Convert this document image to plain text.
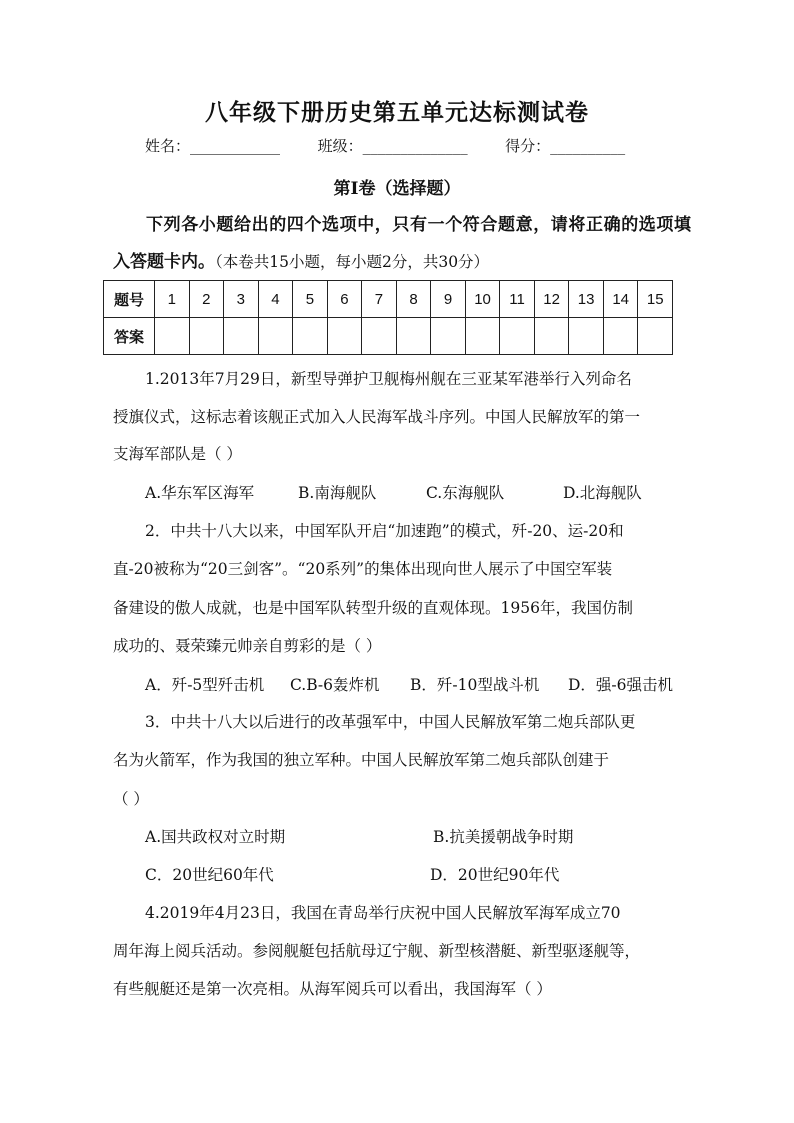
八年级下册历史第五单元达标测试卷
姓名：____________	班级：______________	得分：__________
第Ⅰ卷（选择题）
下列各小题给出的四个选项中，只有一个符合题意，请将正确的选项填
入答题卡内。（本卷共15小题，每小题2分，共30分）
题号	1	2	3	4	5	6	7	8	9	10	11	12	13	14	15
答案															
1.2013年7月29日，新型导弹护卫舰梅州舰在三亚某军港举行入列命名
授旗仪式，这标志着该舰正式加入人民海军战斗序列。中国人民解放军的第一
支海军部队是（ ）
A.华东军区海军	B.南海舰队	C.东海舰队	D.北海舰队
2．中共十八大以来，中国军队开启“加速跑”的模式，歼-20、运-20和
直-20被称为“20三剑客”。“20系列”的集体出现向世人展示了中国空军装
备建设的傲人成就，也是中国军队转型升级的直观体现。1956年，我国仿制
成功的、聂荣臻元帅亲自剪彩的是（ ）
A．歼-5型歼击机 C.B-6轰炸机 B．歼-10型战斗机 D．强-6强击机
3．中共十八大以后进行的改革强军中，中国人民解放军第二炮兵部队更
名为火箭军，作为我国的独立军种。中国人民解放军第二炮兵部队创建于
（ ）
A.国共政权对立时期	B.抗美援朝战争时期
C．20世纪60年代	D．20世纪90年代
4.2019年4月23日，我国在青岛举行庆祝中国人民解放军海军成立70
周年海上阅兵活动。参阅舰艇包括航母辽宁舰、新型核潜艇、新型驱逐舰等，
有些舰艇还是第一次亮相。从海军阅兵可以看出，我国海军（ ）
